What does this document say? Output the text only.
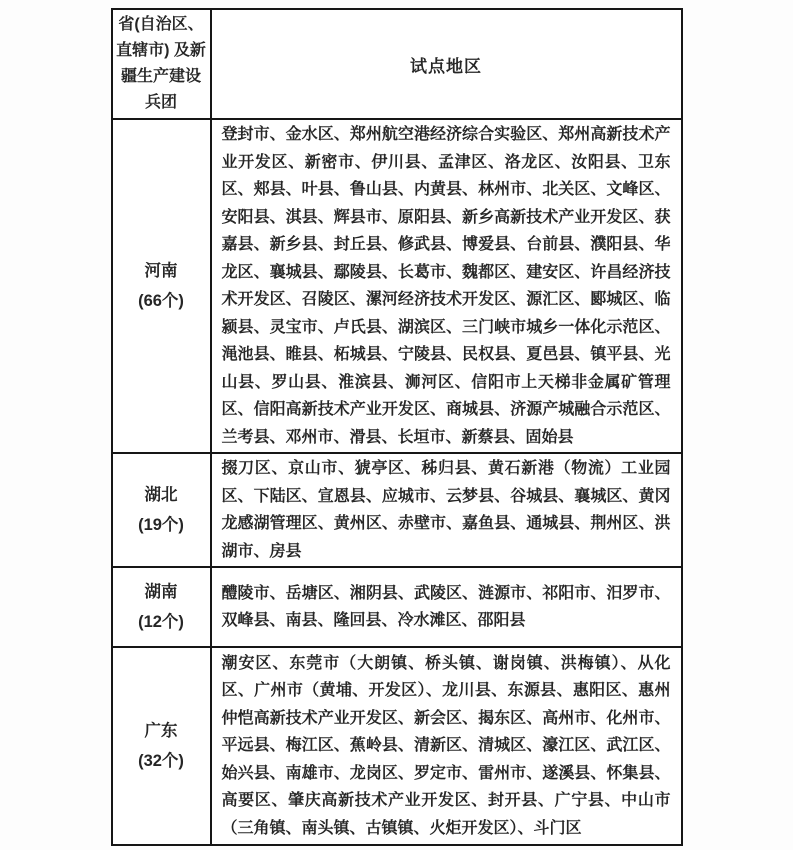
省(自治区、直辖市) 及新疆生产建设兵团	试点地区

河南
(66个)	登封市、金水区、郑州航空港经济综合实验区、郑州高新技术产业开发区、新密市、伊川县、孟津区、洛龙区、汝阳县、卫东区、郏县、叶县、鲁山县、内黄县、林州市、北关区、文峰区、安阳县、淇县、辉县市、原阳县、新乡高新技术产业开发区、获嘉县、新乡县、封丘县、修武县、博爱县、台前县、濮阳县、华龙区、襄城县、鄢陵县、长葛市、魏都区、建安区、许昌经济技术开发区、召陵区、漯河经济技术开发区、源汇区、郾城区、临颍县、灵宝市、卢氏县、湖滨区、三门峡市城乡一体化示范区、渑池县、睢县、柘城县、宁陵县、民权县、夏邑县、镇平县、光山县、罗山县、淮滨县、浉河区、信阳市上天梯非金属矿管理区、信阳高新技术产业开发区、商城县、济源产城融合示范区、兰考县、邓州市、滑县、长垣市、新蔡县、固始县

湖北
(19个)	掇刀区、京山市、猇亭区、秭归县、黄石新港（物流）工业园区、下陆区、宣恩县、应城市、云梦县、谷城县、襄城区、黄冈龙感湖管理区、黄州区、赤壁市、嘉鱼县、通城县、荆州区、洪湖市、房县

湖南
(12个)	醴陵市、岳塘区、湘阴县、武陵区、涟源市、祁阳市、汨罗市、双峰县、南县、隆回县、冷水滩区、邵阳县

广东
(32个)	潮安区、东莞市（大朗镇、桥头镇、谢岗镇、洪梅镇）、从化区、广州市（黄埔、开发区）、龙川县、东源县、惠阳区、惠州仲恺高新技术产业开发区、新会区、揭东区、高州市、化州市、平远县、梅江区、蕉岭县、清新区、清城区、濠江区、武江区、始兴县、南雄市、龙岗区、罗定市、雷州市、遂溪县、怀集县、高要区、肇庆高新技术产业开发区、封开县、广宁县、中山市（三角镇、南头镇、古镇镇、火炬开发区）、斗门区
